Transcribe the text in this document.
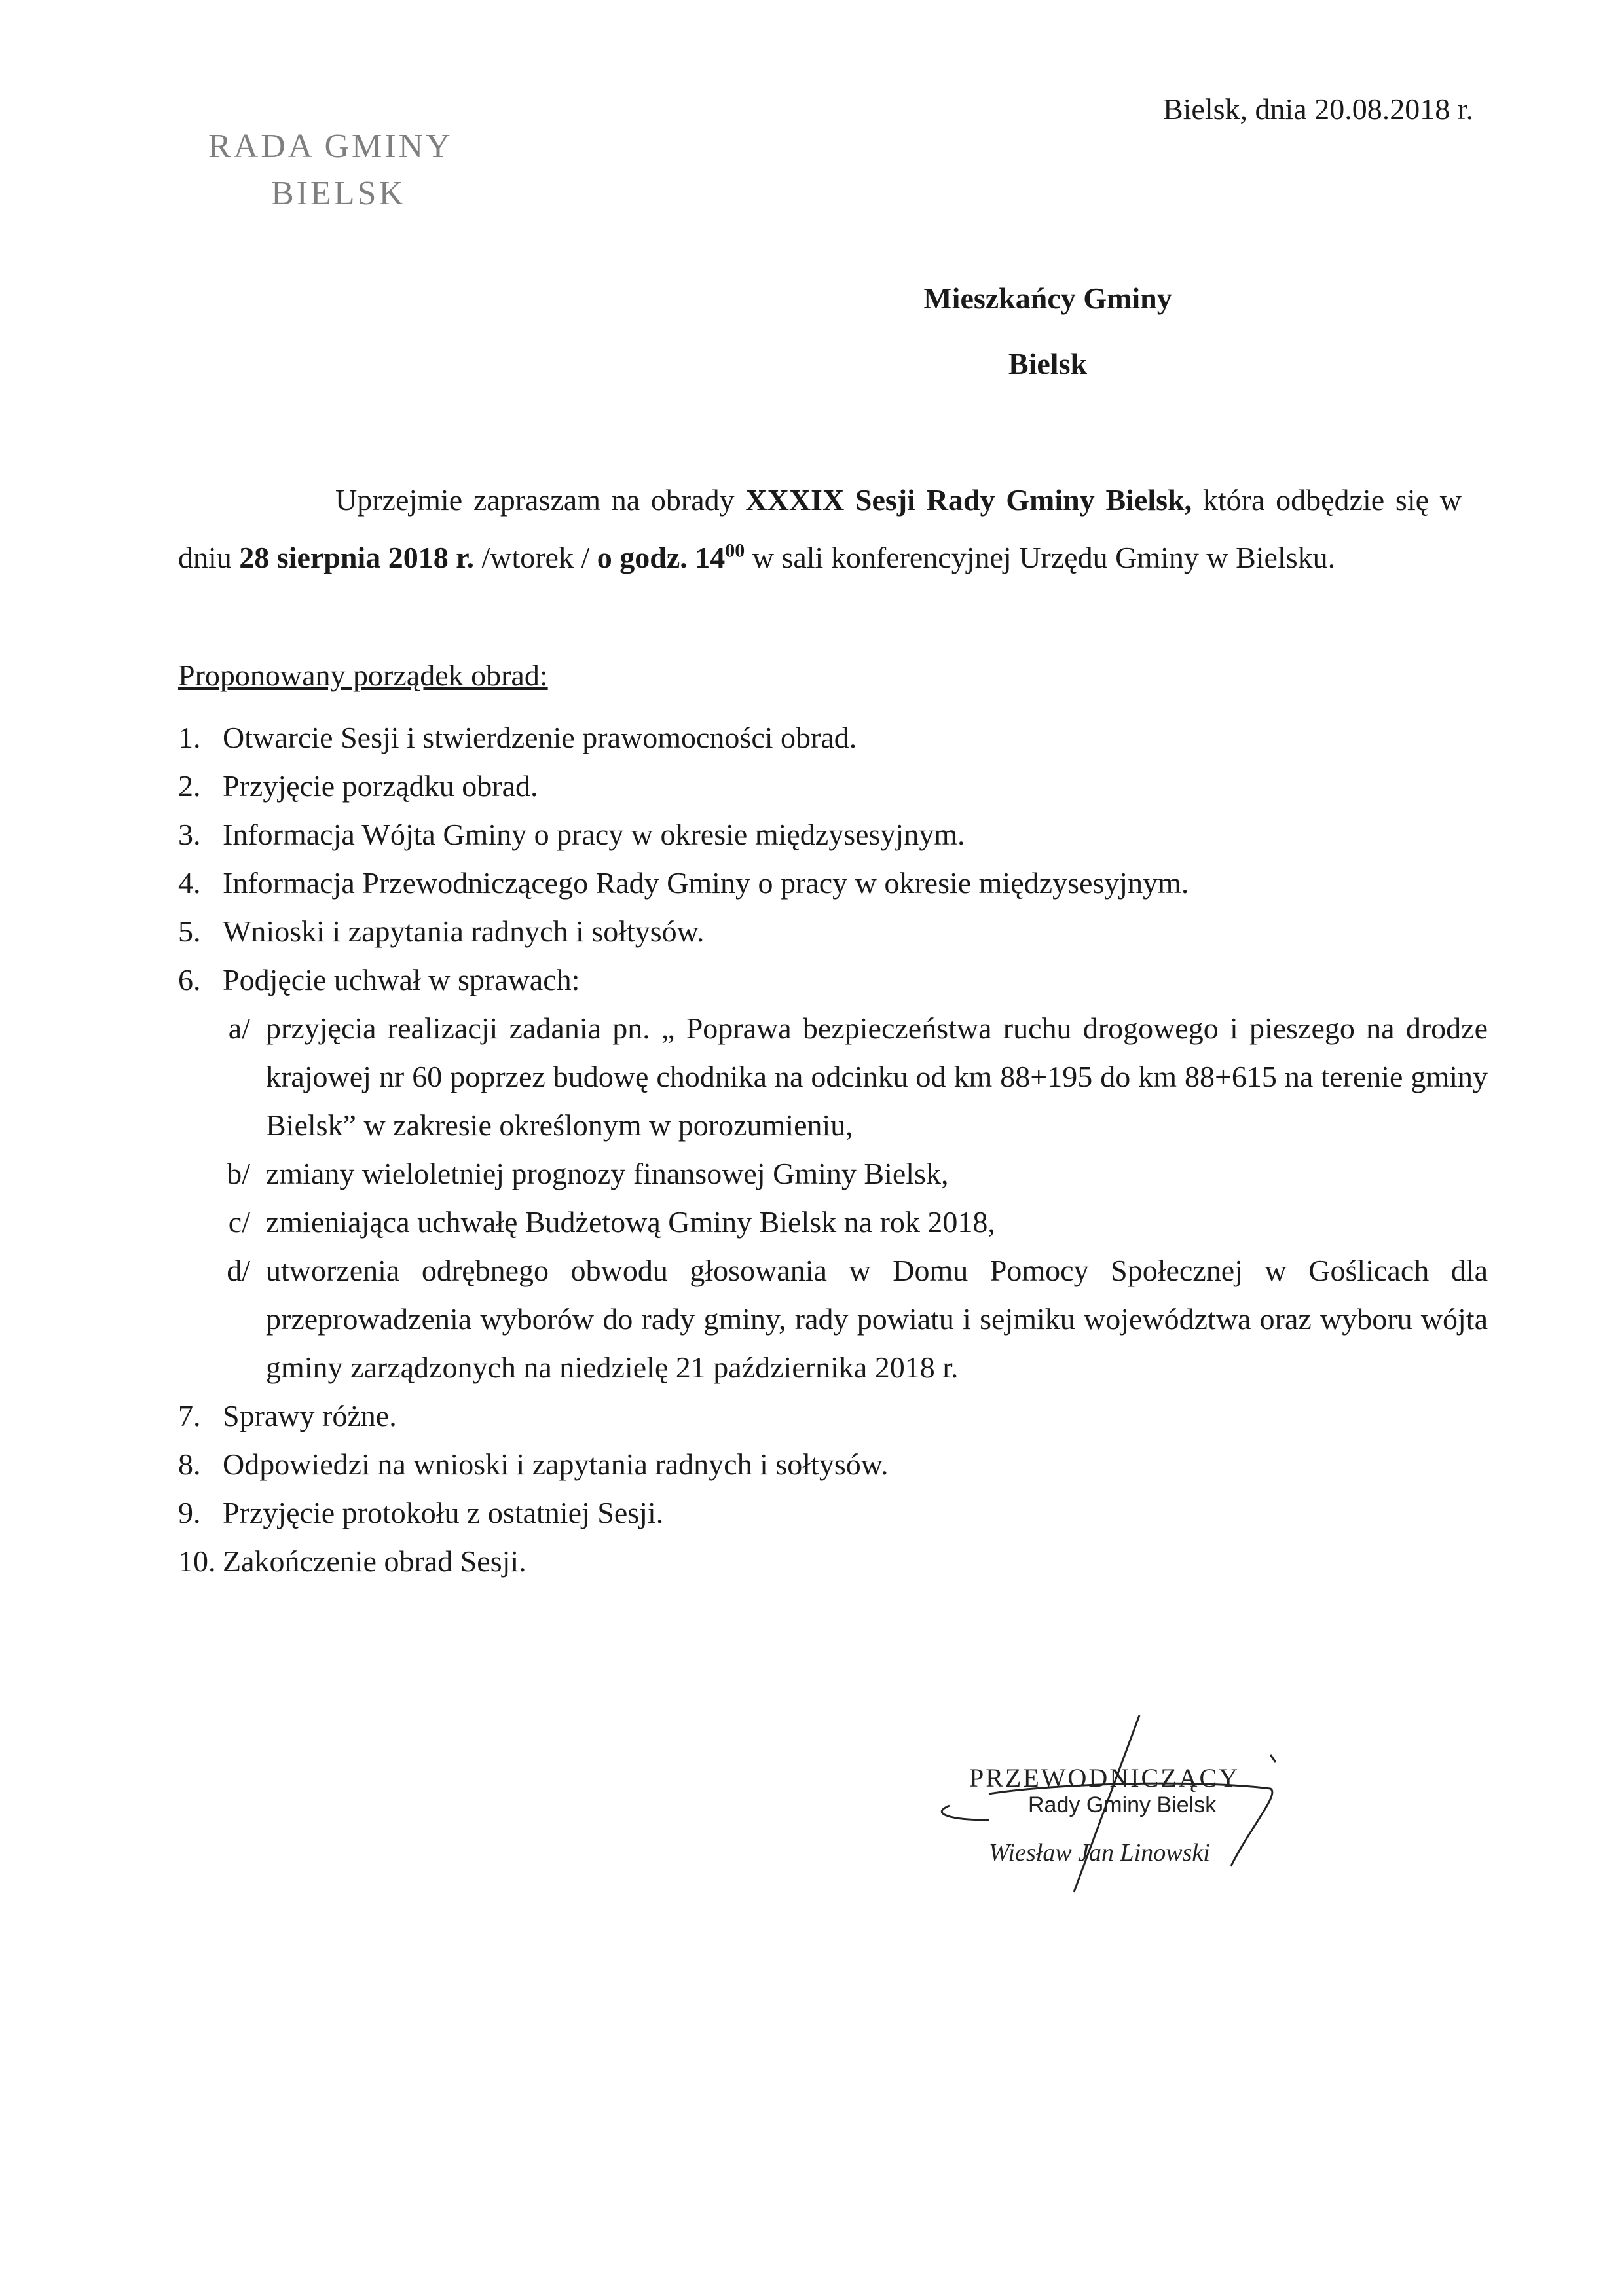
RADA GMINY
BIELSK
Bielsk, dnia 20.08.2018 r.
Mieszkańcy Gminy
Bielsk
Uprzejmie zapraszam na obrady XXXIX Sesji Rady Gminy Bielsk, która odbędzie się w dniu 28 sierpnia 2018 r. /wtorek / o godz. $14^{00}$ w sali konferencyjnej Urzędu Gminy w Bielsku.
Proponowany porządek obrad:
1. Otwarcie Sesji i stwierdzenie prawomocności obrad.
2. Przyjęcie porządku obrad.
3. Informacja Wójta Gminy o pracy w okresie międzysesyjnym.
4. Informacja Przewodniczącego Rady Gminy o pracy w okresie międzysesyjnym.
5. Wnioski i zapytania radnych i sołtysów.
6. Podjęcie uchwał w sprawach:
a/ przyjęcia realizacji zadania pn. „ Poprawa bezpieczeństwa ruchu drogowego i pieszego na drodze krajowej nr 60 poprzez budowę chodnika na odcinku od km 88+195 do km 88+615 na terenie gminy Bielsk” w zakresie określonym w porozumieniu,
b/ zmiany wieloletniej prognozy finansowej Gminy Bielsk,
c/ zmieniająca uchwałę Budżetową Gminy Bielsk na rok 2018,
d/ utworzenia odrębnego obwodu głosowania w Domu Pomocy Społecznej w Goślicach dla przeprowadzenia wyborów do rady gminy, rady powiatu i sejmiku województwa oraz wyboru wójta gminy zarządzonych na niedzielę 21 października 2018 r.
7. Sprawy różne.
8. Odpowiedzi na wnioski i zapytania radnych i sołtysów.
9. Przyjęcie protokołu z ostatniej Sesji.
10. Zakończenie obrad Sesji.
PRZEWODNICZĄCY
Rady Gminy Bielsk
Wiesław Jan Linowski
